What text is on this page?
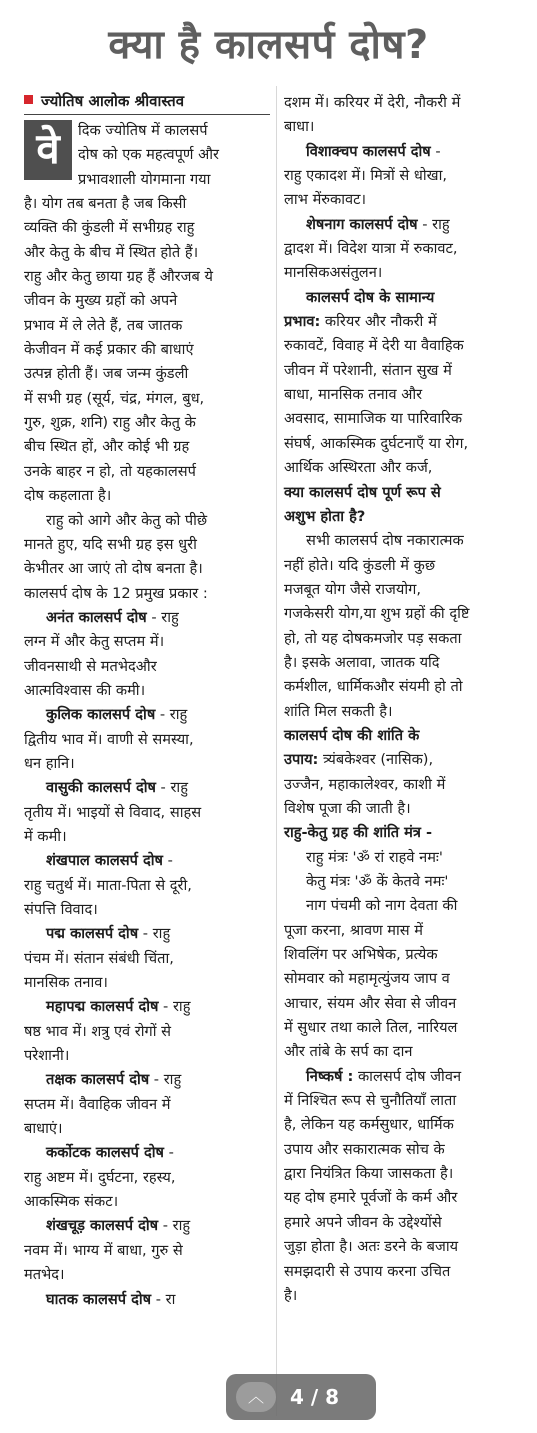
क्या है कालसर्प दोष?
ज्योतिष आलोक श्रीवास्तव
वे	दिक ज्योतिष में कालसर्प
दोष को एक महत्वपूर्ण और
प्रभावशाली योगमाना गया
है। योग तब बनता है जब किसी
व्यक्ति की कुंडली में सभीग्रह राहु
और केतु के बीच में स्थित होते हैं।
राहु और केतु छाया ग्रह हैं औरजब ये
जीवन के मुख्य ग्रहों को अपने
प्रभाव में ले लेते हैं, तब जातक
केजीवन में कई प्रकार की बाधाएं
उत्पन्न होती हैं। जब जन्म कुंडली
में सभी ग्रह (सूर्य, चंद्र, मंगल, बुध,
गुरु, शुक्र, शनि) राहु और केतु के
बीच स्थित हों, और कोई भी ग्रह
उनके बाहर न हो, तो यहकालसर्प
दोष कहलाता है।
राहु को आगे और केतु को पीछे
मानते हुए, यदि सभी ग्रह इस धुरी
केभीतर आ जाएं तो दोष बनता है।
कालसर्प दोष के 12 प्रमुख प्रकार :
अनंत कालसर्प दोष - राहु
लग्न में और केतु सप्तम में।
जीवनसाथी से मतभेदऔर
आत्मविश्वास की कमी।
कुलिक कालसर्प दोष - राहु
द्वितीय भाव में। वाणी से समस्या,
धन हानि।
वासुकी कालसर्प दोष - राहु
तृतीय में। भाइयों से विवाद, साहस
में कमी।
शंखपाल कालसर्प दोष -
राहु चतुर्थ में। माता-पिता से दूरी,
संपत्ति विवाद।
पद्म कालसर्प दोष - राहु
पंचम में। संतान संबंधी चिंता,
मानसिक तनाव।
महापद्म कालसर्प दोष - राहु
षष्ठ भाव में। शत्रु एवं रोगों से
परेशानी।
तक्षक कालसर्प दोष - राहु
सप्तम में। वैवाहिक जीवन में
बाधाएं।
कर्कोटक कालसर्प दोष -
राहु अष्टम में। दुर्घटना, रहस्य,
आकस्मिक संकट।
शंखचूड़ कालसर्प दोष - राहु
नवम में। भाग्य में बाधा, गुरु से
मतभेद।
घातक कालसर्प दोष - रा
दशम में। करियर में देरी, नौकरी में
बाधा।
विशाक्चप कालसर्प दोष -
राहु एकादश में। मित्रों से धोखा,
लाभ मेंरुकावट।
शेषनाग कालसर्प दोष - राहु
द्वादश में। विदेश यात्रा में रुकावट,
मानसिकअसंतुलन।
कालसर्प दोष के सामान्य
प्रभाव: करियर और नौकरी में
रुकावटें, विवाह में देरी या वैवाहिक
जीवन में परेशानी, संतान सुख में
बाधा, मानसिक तनाव और
अवसाद, सामाजिक या पारिवारिक
संघर्ष, आकस्मिक दुर्घटनाएँ या रोग,
आर्थिक अस्थिरता और कर्ज,
क्या कालसर्प दोष पूर्ण रूप से
अशुभ होता है?
सभी कालसर्प दोष नकारात्मक
नहीं होते। यदि कुंडली में कुछ
मजबूत योग जैसे राजयोग,
गजकेसरी योग,या शुभ ग्रहों की दृष्टि
हो, तो यह दोषकमजोर पड़ सकता
है। इसके अलावा, जातक यदि
कर्मशील, धार्मिकऔर संयमी हो तो
शांति मिल सकती है।
कालसर्प दोष की शांति के
उपाय: त्र्यंबकेश्वर (नासिक),
उज्जैन, महाकालेश्वर, काशी में
विशेष पूजा की जाती है।
राहु-केतु ग्रह की शांति मंत्र -
राहु मंत्रः 'ॐ रां राहवे नमः'
केतु मंत्रः 'ॐ कें केतवे नमः'
नाग पंचमी को नाग देवता की
पूजा करना, श्रावण मास में
शिवलिंग पर अभिषेक, प्रत्येक
सोमवार को महामृत्युंजय जाप व
आचार, संयम और सेवा से जीवन
में सुधार तथा काले तिल, नारियल
और तांबे के सर्प का दान
निष्कर्ष : कालसर्प दोष जीवन
में निश्चित रूप से चुनौतियाँ लाता
है, लेकिन यह कर्मसुधार, धार्मिक
उपाय और सकारात्मक सोच के
द्वारा नियंत्रित किया जासकता है।
यह दोष हमारे पूर्वजों के कर्म और
हमारे अपने जीवन के उद्देश्योंसे
जुड़ा होता है। अतः डरने के बजाय
समझदारी से उपाय करना उचित
है।
︿	4 / 8
